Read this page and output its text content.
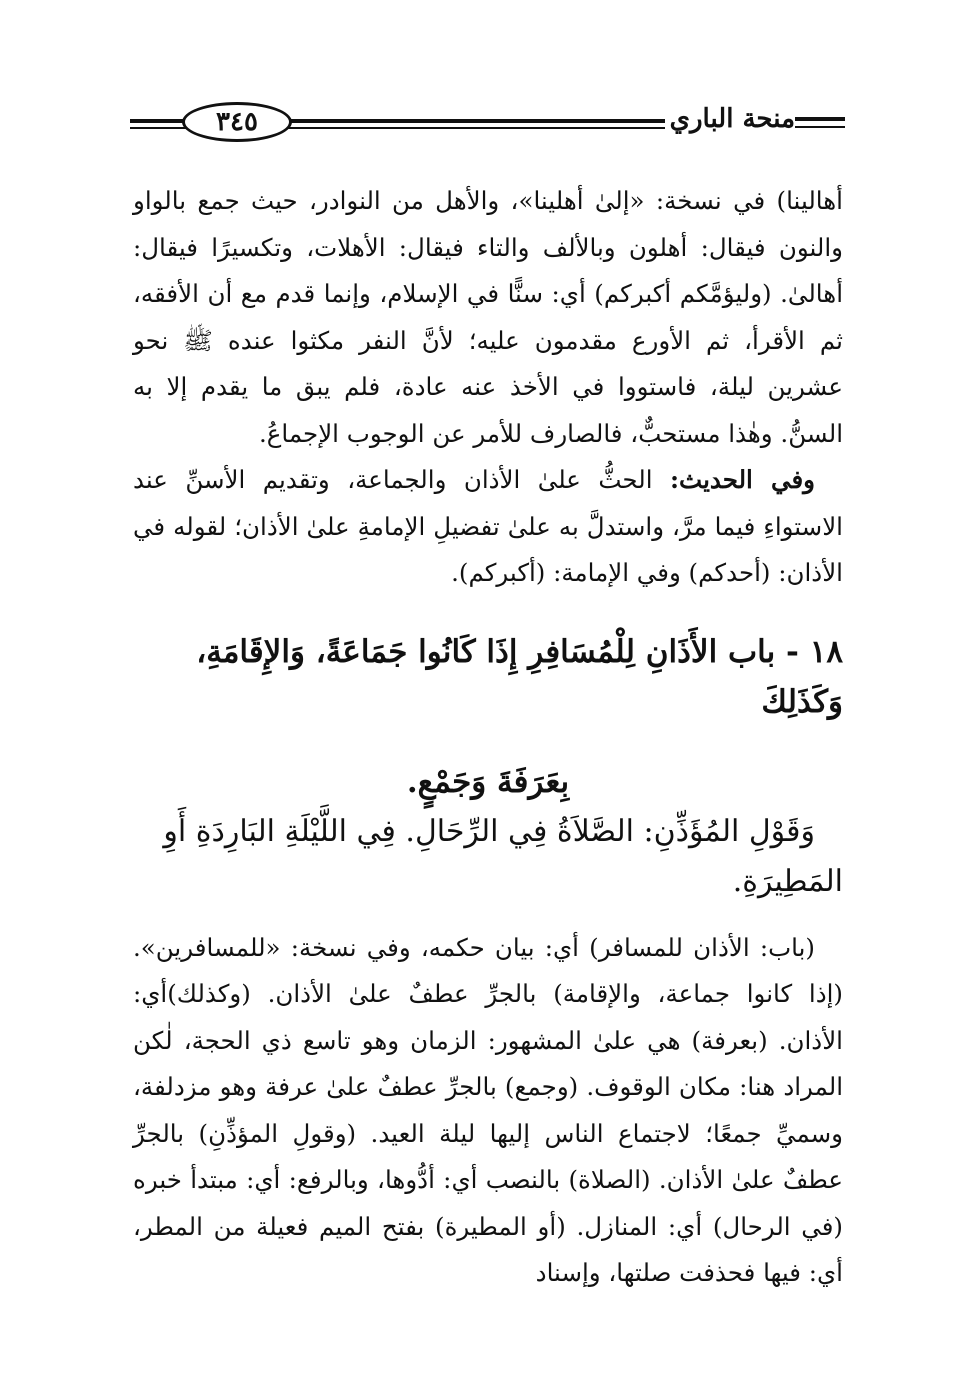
٣٤٥	منحة الباري

أهالينا) في نسخة: «إلىٰ أهلينا»، والأهل من النوادر، حيث جمع بالواو والنون فيقال: أهلون وبالألف والتاء فيقال: الأهلات، وتكسيرًا فيقال: أهالىٰ. (وليؤمَّكم أكبركم) أي: سنًّا في الإسلام، وإنما قدم مع أن الأفقه، ثم الأقرأ، ثم الأورع مقدمون عليه؛ لأنَّ النفر مكثوا عنده ﷺ نحو عشرين ليلة، فاستووا في الأخذ عنه عادة، فلم يبق ما يقدم إلا به السنُّ. وهٰذا مستحبٌّ، فالصارف للأمر عن الوجوب الإجماعُ.

وفي الحديث: الحثُّ علىٰ الأذان والجماعة، وتقديم الأسنِّ عند الاستواءِ فيما مرَّ، واستدلَّ به علىٰ تفضيلِ الإمامةِ علىٰ الأذان؛ لقوله في الأذان: (أحدكم) وفي الإمامة: (أكبركم).

١٨ - باب الأَذَانِ لِلْمُسَافِرِ إِذَا كَانُوا جَمَاعَةً، وَالإِقَامَةِ، وَكَذَلِكَ

بِعَرَفَةَ وَجَمْعٍ.

وَقَوْلِ المُؤَذِّنِ: الصَّلاَةُ فِي الرِّحَالِ. فِي اللَّيْلَةِ البَارِدَةِ أَوِ المَطِيرَةِ.

(باب: الأذان للمسافر) أي: بيان حكمه، وفي نسخة: «للمسافرين». (إذا كانوا جماعة، والإقامة) بالجرِّ عطفٌ علىٰ الأذان. (وكذلك)أي: الأذان. (بعرفة) هي علىٰ المشهور: الزمان وهو تاسع ذي الحجة، لٰكن المراد هنا: مكان الوقوف. (وجمع) بالجرِّ عطفٌ علىٰ عرفة وهو مزدلفة، وسميِّ جمعًا؛ لاجتماع الناس إليها ليلة العيد. (وقولِ المؤذِّنِ) بالجرِّ عطفٌ علىٰ الأذان. (الصلاة) بالنصب أي: أدُّوها، وبالرفع: أي: مبتدأ خبره (في الرحال) أي: المنازل. (أو المطيرة) بفتح الميم فعيلة من المطر، أي: فيها فحذفت صلتها، وإسناد
